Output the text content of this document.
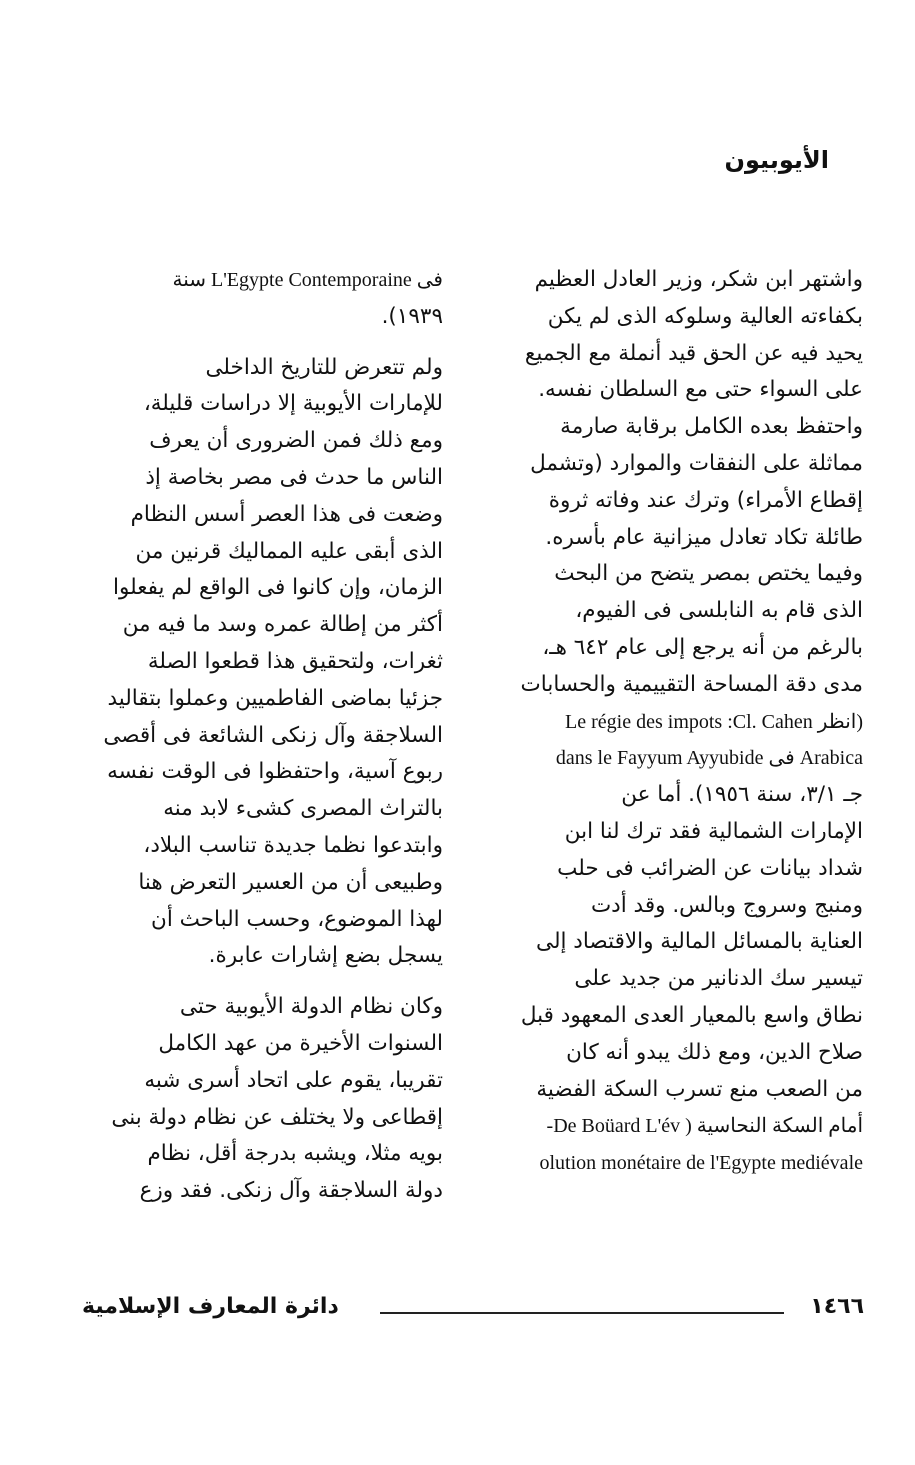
الأيوبيون
واشتهر ابن شكر، وزير العادل العظيم
بكفاءته العالية وسلوكه الذى لم يكن
يحيد فيه عن الحق قيد أنملة مع الجميع
على السواء حتى مع السلطان نفسه.
واحتفظ بعده الكامل برقابة صارمة
مماثلة على النفقات والموارد (وتشمل
إقطاع الأمراء) وترك عند وفاته ثروة
طائلة تكاد تعادل ميزانية عام بأسره.
وفيما يختص بمصر يتضح من البحث
الذى قام به النابلسى فى الفيوم،
بالرغم من أنه يرجع إلى عام ٦٤٢ هـ،
مدى دقة المساحة التقييمية والحسابات
(انظر Le régie des impots :Cl. Cahen
Arabica فى dans le Fayyum Ayyubide
جـ ٣/١، سنة ١٩٥٦). أما عن
الإمارات الشمالية فقد ترك لنا ابن
شداد بيانات عن الضرائب فى حلب
ومنبج وسروج وبالس. وقد أدت
العناية بالمسائل المالية والاقتصاد إلى
تيسير سك الدنانير من جديد على
نطاق واسع بالمعيار العدى المعهود قبل
صلاح الدين، ومع ذلك يبدو أنه كان
من الصعب منع تسرب السكة الفضية
أمام السكة النحاسية ( De Boüard L'év-
olution monétaire de l'Egypte mediévale
فى L'Egypte Contemporaine سنة
١٩٣٩).
ولم تتعرض للتاريخ الداخلى
للإمارات الأيوبية إلا دراسات قليلة،
ومع ذلك فمن الضرورى أن يعرف
الناس ما حدث فى مصر بخاصة إذ
وضعت فى هذا العصر أسس النظام
الذى أبقى عليه المماليك قرنين من
الزمان، وإن كانوا فى الواقع لم يفعلوا
أكثر من إطالة عمره وسد ما فيه من
ثغرات، ولتحقيق هذا قطعوا الصلة
جزئيا بماضى الفاطميين وعملوا بتقاليد
السلاجقة وآل زنكى الشائعة فى أقصى
ربوع آسية، واحتفظوا فى الوقت نفسه
بالتراث المصرى كشىء لابد منه
وابتدعوا نظما جديدة تناسب البلاد،
وطبيعى أن من العسير التعرض هنا
لهذا الموضوع، وحسب الباحث أن
يسجل بضع إشارات عابرة.
وكان نظام الدولة الأيوبية حتى
السنوات الأخيرة من عهد الكامل
تقريبا، يقوم على اتحاد أسرى شبه
إقطاعى ولا يختلف عن نظام دولة بنى
بويه مثلا، ويشبه بدرجة أقل، نظام
دولة السلاجقة وآل زنكى. فقد وزع
١٤٦٦
دائرة المعارف الإسلامية
